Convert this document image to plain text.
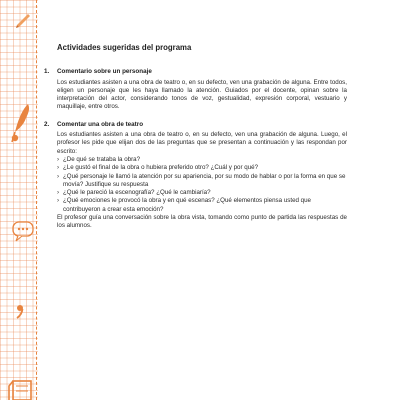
Actividades sugeridas del programa
1. Comentario sobre un personaje
Los estudiantes asisten a una obra de teatro o, en su defecto, ven una grabación de alguna. Entre todos, eligen un personaje que les haya llamado la atención. Guiados por el docente, opinan sobre la interpretación del actor, considerando tonos de voz, gestualidad, expresión corporal, vestuario y maquillaje, entre otros.
2. Comentar una obra de teatro
Los estudiantes asisten a una obra de teatro o, en su defecto, ven una grabación de alguna. Luego, el profesor les pide que elijan dos de las preguntas que se presentan a continuación y las respondan por escrito:
› ¿De qué se trataba la obra?
› ¿Le gustó el final de la obra o hubiera preferido otro? ¿Cuál y por qué?
› ¿Qué personaje le llamó la atención por su apariencia, por su modo de hablar o por la forma en que se movía? Justifique su respuesta
› ¿Qué le pareció la escenografía? ¿Qué le cambiaría?
› ¿Qué emociones le provocó la obra y en qué escenas? ¿Qué elementos piensa usted que contribuyeron a crear esta emoción?
El profesor guía una conversación sobre la obra vista, tomando como punto de partida las respuestas de los alumnos.
